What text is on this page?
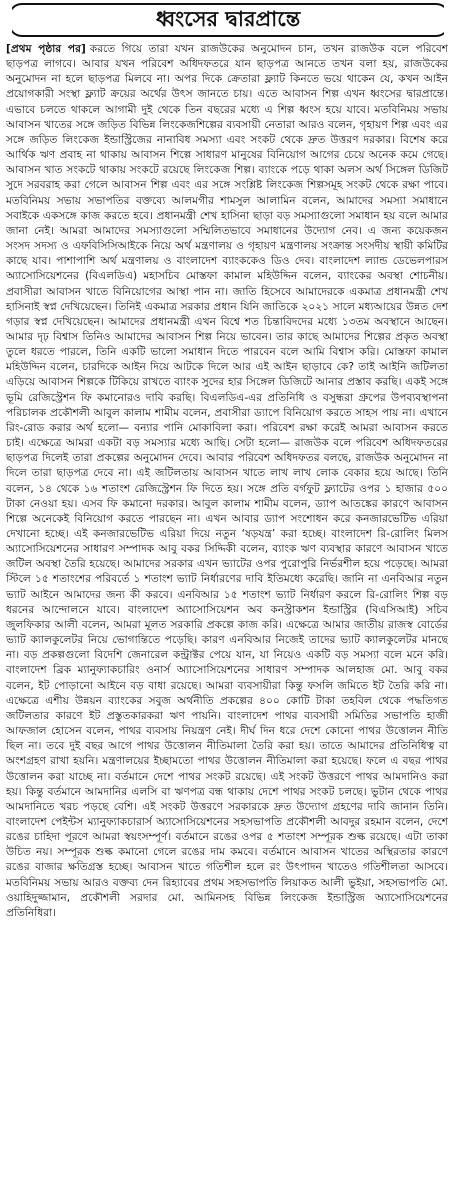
ধ্বংসের দ্বারপ্রান্তে

[প্রথম পৃষ্ঠার পর] করতে গিয়ে তারা যখন রাজউকের অনুমোদন চান, তখন রাজউক বলে পরিবেশ ছাড়পত্র লাগবে। আবার যখন পরিবেশ অধিদফতরে যান ছাড়পত্র আনতে তখন বলা হয়, রাজউকের অনুমোদন না হলে ছাড়পত্র মিলবে না। অপর দিকে ক্রেতারা ফ্ল্যাট কিনতে ভয়ে থাকেন যে, কখন আইন প্রয়োগকারী সংস্থা ফ্ল্যাট ক্রয়ের অর্থের উৎস জানতে চায়। এতে আবাসন শিল্প এখন ধ্বংসের দ্বারপ্রান্তে। এভাবে চলতে থাকলে আগামী দুই থেকে তিন বছরের মধ্যে এ শিল্প ধ্বংস হয়ে যাবে। মতবিনিময় সভায় আবাসন খাতের সঙ্গে জড়িত বিভিন্ন লিংকেজশিল্পের ব্যবসায়ী নেতারা আরও বলেন, গৃহায়ণ শিল্প এবং এর সঙ্গে জড়িত লিংকেজ ইন্ডাস্ট্রিজের নানাবিধ সমস্যা এবং সংকট থেকে দ্রুত উত্তরণ দরকার। বিশেষ করে আর্থিক ঋণ প্রবাহ না থাকায় আবাসন শিল্পে সাধারণ মানুষের বিনিয়োগ আগের চেয়ে অনেক কমে গেছে। আবাসন খাত সংকটে থাকায় সংকটে রয়েছে লিংকেজ শিল্প। ব্যাংকে পড়ে থাকা অলস অর্থ সিঙ্গেল ডিজিট সুদে সরবরাহ করা গেলে আবাসন শিল্প এবং এর সঙ্গে সংশ্লিষ্ট লিংকেজ শিল্পসমূহ সংকট থেকে রক্ষা পাবে। মতবিনিময় সভায় সভাপতির বক্তব্যে আলমগীর শামসুল আলামিন বলেন, আমাদের সমস্যা সমাধানে সবাইকে একসঙ্গে কাজ করতে হবে। প্রধানমন্ত্রী শেখ হাসিনা ছাড়া বড় সমস্যাগুলো সমাধান হয় বলে আমার জানা নেই। আমরা আমাদের সমস্যাগুলো সম্মিলিতভাবে সমাধানের উদ্যোগ নেব। এ জন্য কয়েকজন সংসদ সদস্য ও এফবিসিসিআইকে নিয়ে অর্থ মন্ত্রণালয় ও গৃহায়ণ মন্ত্রণালয় সংক্রান্ত সংসদীয় স্থায়ী কমিটির কাছে যাব। পাশাপাশি অর্থ মন্ত্রণালয় ও বাংলাদেশ ব্যাংককেও ডিও দেব। বাংলাদেশ ল্যান্ড ডেভেলপারস অ্যাসোসিয়েশনের (বিএলডিএ) মহাসচিব মোস্তফা কামাল মহিউদ্দিন বলেন, ব্যাংকের অবস্থা শোচনীয়। প্রবাসীরা আবাসন খাতে বিনিয়োগের আস্থা পান না। জাতি হিসেবে আমাদেরকে একমাত্র প্রধানমন্ত্রী শেখ হাসিনাই স্বপ্ন দেখিয়েছেন। তিনিই একমাত্র সরকার প্রধান যিনি জাতিকে ২০২১ সালে মধ্যআয়ের উন্নত দেশ গড়ার স্বপ্ন দেখিয়েছেন। আমাদের প্রধানমন্ত্রী এখন বিশ্বে শত চিন্তাবিদদের মধ্যে ১৩তম অবস্থানে আছেন। আমার দৃঢ় বিশ্বাস তিনিও আমাদের আবাসন শিল্প নিয়ে ভাবেন। তার কাছে আমাদের শিল্পের প্রকৃত অবস্থা তুলে ধরতে পারলে, তিনি একটি ভালো সমাধান দিতে পারবেন বলে আমি বিশ্বাস করি। মোস্তফা কামাল মহিউদ্দিন বলেন, চারদিকে আইন দিয়ে আটকে দিলে আর এই আইন ছাড়াবে কে? তাই আইনি জটিলতা এড়িয়ে আবাসন শিল্পকে টিকিয়ে রাখতে ব্যাংক সুদের হার সিঙ্গেল ডিজিটে আনার প্রস্তাব করছি। একই সঙ্গে ভূমি রেজিস্ট্রেশন ফি কমানোরও দাবি করছি। বিএলডিএ-এর প্রতিনিধি ও বসুন্ধরা গ্রুপের উপব্যবস্থাপনা পরিচালক প্রকৌশলী আবুল কালাম শামীম বলেন, প্রবাসীরা ড্যাপে বিনিয়োগ করতে সাহস পায় না। এখানে রিং-রোড করার অর্থ হলো— বন্যার পানি মোকাবিলা করা। পরিবেশ রক্ষা করেই আমরা আবাসন করতে চাই। এক্ষেত্রে আমরা একটা বড় সমস্যার মধ্যে আছি। সেটা হলো— রাজউক বলে পরিবেশ অধিদফতরের ছাড়পত্র দিলেই তারা প্রকল্পের অনুমোদন দেবে। আবার পরিবেশ অধিদফতর বলছে, রাজউক অনুমোদন না দিলে তারা ছাড়পত্র দেবে না। এই জটিলতায় আবাসন খাতে লাখ লাখ লোক বেকার হয়ে আছে। তিনি বলেন, ১৪ থেকে ১৬ শতাংশ রেজিস্ট্রেশন ফি দিতে হয়। সঙ্গে প্রতি বর্গফুট ফ্ল্যাটের ওপর ১ হাজার ৫০০ টাকা নেওয়া হয়। এসব ফি কমানো দরকার। আবুল কালাম শামীম বলেন, ড্যাপ আতঙ্কের কারণে আবাসন শিল্পে অনেকেই বিনিয়োগ করতে পারছেন না। এখন আবার ড্যাপ সংশোধন করে কনজারভেটিভ এরিয়া দেখানো হচ্ছে। এই কনজারভেটিভ এরিয়া দিয়ে নতুন ‘ষড়যন্ত্র’ করা হচ্ছে। বাংলাদেশ রি-রোলিং মিলস অ্যাসোসিয়েশনের সাধারণ সম্পাদক আবু বকর সিদ্দিকী বলেন, ব্যাংক ঋণ ব্যবস্থার কারণে আবাসন খাতে জটিল অবস্থা তৈরি হয়েছে। আমাদের সরকার এখন ভ্যাটের ওপর পুরোপুরি নির্ভরশীল হয়ে পড়েছে। আমরা স্টিলে ১৫ শতাংশের পরিবর্তে ১ শতাংশ ভ্যাট নির্ধারণের দাবি ইতিমধ্যে করেছি। জানি না এনবিআর নতুন ভ্যাট আইনে আমাদের জন্য কী করবে। এনবিআর ১৫ শতাংশ ভ্যাট নির্ধারণ করলে রি-রোলিং শিল্প বড় ধরনের আন্দোলনে যাবে। বাংলাদেশ অ্যাসোসিয়েশন অব কনস্ট্রাকশন ইন্ডাস্ট্রির (বিএসিআই) সচিব জুলফিকার আলী বলেন, আমরা মূলত সরকারি প্রকল্পে কাজ করি। এক্ষেত্রে আমার জাতীয় রাজস্ব বোর্ডের ভ্যাট ক্যালকুলেটর নিয়ে ভোগান্তিতে পড়েছি। কারণ এনবিআর নিজেই তাদের ভ্যাট ক্যালকুলেটর মানছে না। বড় প্রকল্পগুলো বিদেশি জেনারেল কন্ট্রাক্টর পেয়ে যান, যা নিয়েও একটি বড় সমস্যা বলে মনে করি। বাংলাদেশ ব্রিক ম্যানুফ্যাকচারিং ওনার্স অ্যাসোসিয়েশনের সাধারণ সম্পাদক আলহাজ মো. আবু বকর বলেন, ইট পোড়ানো আইনে বড় বাধা রয়েছে। আমরা ব্যবসায়ীরা কিন্তু ফসলি জমিতে ইট তৈরি করি না। এক্ষেত্রে এশীয় উন্নয়ন ব্যাংকের সবুজ অর্থনীতি প্রকল্পের ৪০০ কোটি টাকা তহবিল থেকে পদ্ধতিগত জটিলতার কারণে ইট প্রস্তুতকারকরা ঋণ পায়নি। বাংলাদেশ পাথর ব্যবসায়ী সমিতির সভাপতি হাজী আফজাল হোসেন বলেন, পাথর ব্যবসায় নিয়ন্ত্রণ নেই। দীর্ঘ দিন ধরে দেশে কোনো পাথর উত্তোলন নীতি ছিল না। তবে দুই বছর আগে পাথর উত্তোলন নীতিমালা তৈরি করা হয়। তাতে আমাদের প্রতিনিধিত্ব বা অংশগ্রহণ রাখা হয়নি। মন্ত্রণালয়ের ইচ্ছামতো পাথর উত্তোলন নীতিমালা করা হয়েছে। ফলে এ বছর পাথর উত্তোলন করা যাচ্ছে না। বর্তমানে দেশে পাথর সংকট রয়েছে। এই সংকট উত্তরণে পাথর আমদানিও করা হয়। কিন্তু বর্তমানে আমদানির এলসি বা ঋণপত্র বন্ধ থাকায় দেশে পাথর সংকট চলছে। ভুটান থেকে পাথর আমদানিতে খরচ পড়ছে বেশি। এই সংকট উত্তরণে সরকারকে দ্রুত উদ্যোগ গ্রহণের দাবি জানান তিনি। বাংলাদেশ পেইন্টস ম্যানুফ্যাকচারার্স অ্যাসোসিয়েশনের সহসভাপতি প্রকৌশলী আবদুর রহমান বলেন, দেশে রঙের চাহিদা পূরণে আমরা স্বয়ংসম্পূর্ণ। বর্তমানে রঙের ওপর ৫ শতাংশ সম্পূরক শুল্ক রয়েছে। এটা তাকা উচিত নয়। সম্পূরক শুল্ক কমানো গেলে রঙের দাম কমবে। বর্তমানে আবাসন খাতের অস্থিরতার কারণে রঙের বাজার ক্ষতিগ্রস্ত হচ্ছে। আবাসন খাতে গতিশীল হলে রং উৎপাদন খাতেও গতিশীলতা আসবে। মতবিনিময় সভায় আরও বক্তব্য দেন রিহ্যাবের প্রথম সহসভাপতি লিয়াকত আলী ভুইয়া, সহসভাপতি মো. ওয়াহিদুজ্জামান, প্রকৌশলী সরদার মো. আমিনসহ বিভিন্ন লিংকেজ ইন্ডাস্ট্রিজ অ্যাসোসিয়েশনের প্রতিনিধিরা।
